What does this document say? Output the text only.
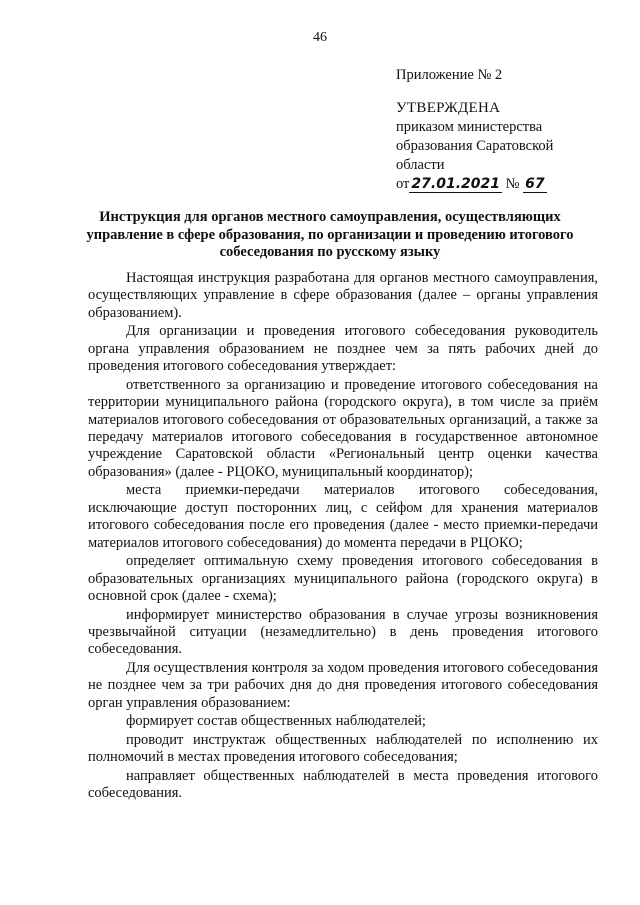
46
Приложение № 2
УТВЕРЖДЕНА
приказом министерства
образования Саратовской
области
от 27.01.2021 № 67
Инструкция для органов местного самоуправления, осуществляющих управление в сфере образования, по организации и проведению итогового собеседования по русскому языку

Настоящая инструкция разработана для органов местного самоуправления, осуществляющих управление в сфере образования (далее – органы управления образованием).

Для организации и проведения итогового собеседования руководитель органа управления образованием не позднее чем за пять рабочих дней до проведения итогового собеседования утверждает:

ответственного за организацию и проведение итогового собеседования на территории муниципального района (городского округа), в том числе за приём материалов итогового собеседования от образовательных организаций, а также за передачу материалов итогового собеседования в государственное автономное учреждение Саратовской области «Региональный центр оценки качества образования» (далее - РЦОКО, муниципальный координатор);

места приемки-передачи материалов итогового собеседования, исключающие доступ посторонних лиц, с сейфом для хранения материалов итогового собеседования после его проведения (далее - место приемки-передачи материалов итогового собеседования) до момента передачи в РЦОКО;

определяет оптимальную схему проведения итогового собеседования в образовательных организациях муниципального района (городского округа) в основной срок (далее - схема);

информирует министерство образования в случае угрозы возникновения чрезвычайной ситуации (незамедлительно) в день проведения итогового собеседования.

Для осуществления контроля за ходом проведения итогового собеседования не позднее чем за три рабочих дня до дня проведения итогового собеседования орган управления образованием:

формирует состав общественных наблюдателей;

проводит инструктаж общественных наблюдателей по исполнению их полномочий в местах проведения итогового собеседования;

направляет общественных наблюдателей в места проведения итогового собеседования.
